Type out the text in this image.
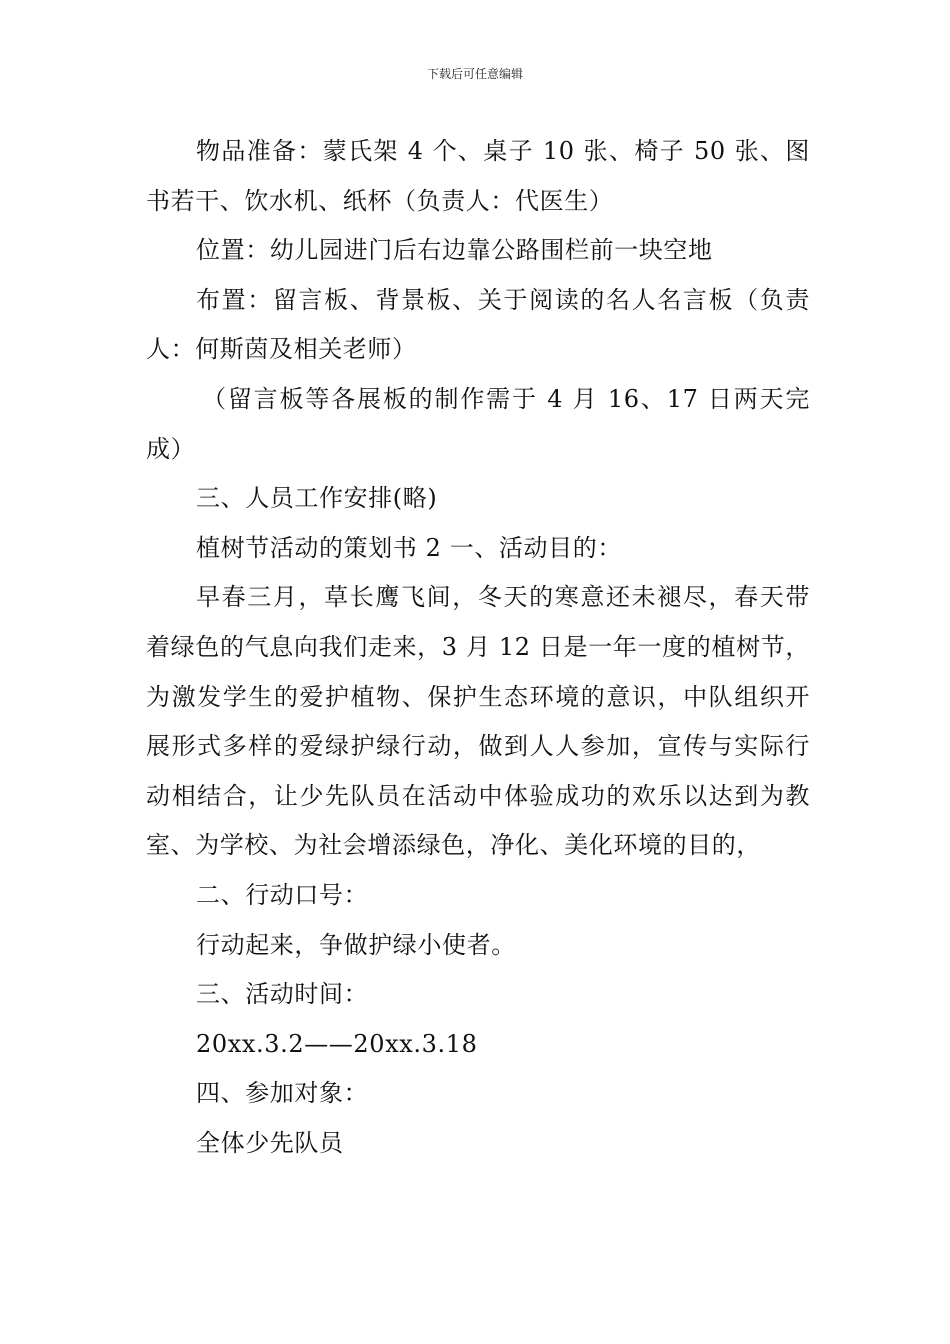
下载后可任意编辑

物品准备：蒙氏架 4 个、桌子 10 张、椅子 50 张、图书若干、饮水机、纸杯（负责人：代医生）

位置：幼儿园进门后右边靠公路围栏前一块空地

布置：留言板、背景板、关于阅读的名人名言板（负责人：何斯茵及相关老师）

（留言板等各展板的制作需于 4 月 16、17 日两天完成）

三、人员工作安排(略)

植树节活动的策划书 2 一、活动目的：

早春三月，草长鹰飞间，冬天的寒意还未褪尽，春天带着绿色的气息向我们走来，3 月 12 日是一年一度的植树节，为激发学生的爱护植物、保护生态环境的意识，中队组织开展形式多样的爱绿护绿行动，做到人人参加，宣传与实际行动相结合，让少先队员在活动中体验成功的欢乐以达到为教室、为学校、为社会增添绿色，净化、美化环境的目的，

二、行动口号：

行动起来，争做护绿小使者。

三、活动时间：

20xx.3.2——20xx.3.18

四、参加对象：

全体少先队员
